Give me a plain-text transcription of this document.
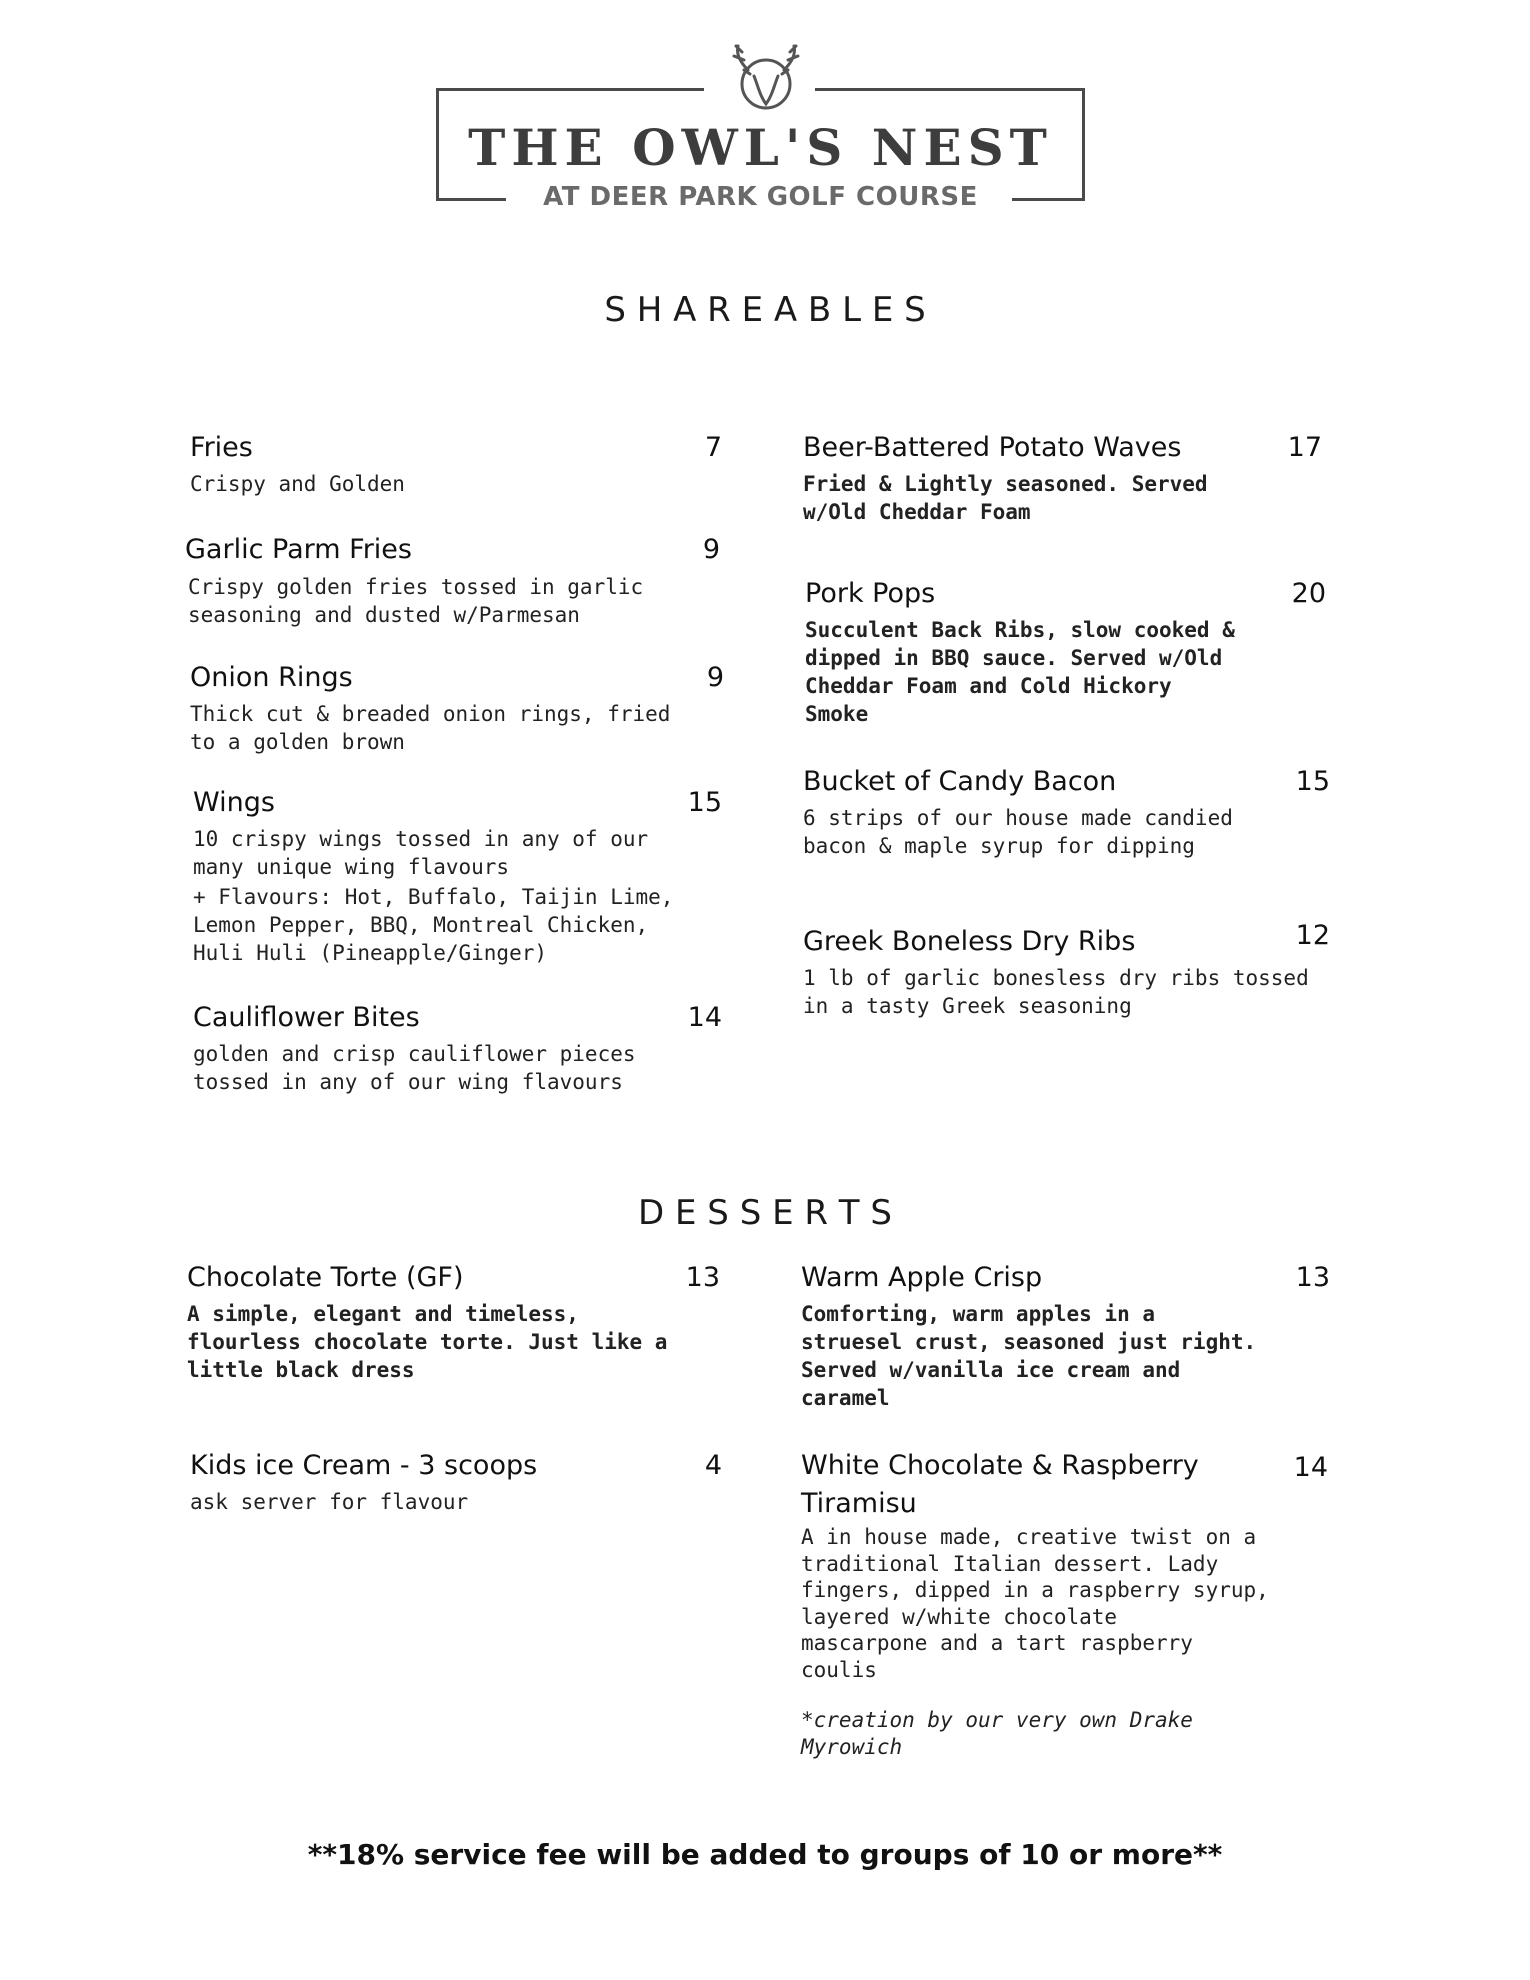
THE OWL'S NEST
AT DEER PARK GOLF COURSE
S H A R E A B L E S
Fries	7
Crispy and Golden
Garlic Parm Fries	9
Crispy golden fries tossed in garlic
seasoning and dusted w/Parmesan
Onion Rings	9
Thick cut & breaded onion rings, fried
to a golden brown
Wings	15
10 crispy wings tossed in any of our
many unique wing flavours
+ Flavours: Hot, Buffalo, Taijin Lime,
Lemon Pepper, BBQ, Montreal Chicken,
Huli Huli (Pineapple/Ginger)
Cauliflower Bites	14
golden and crisp cauliflower pieces
tossed in any of our wing flavours
Beer-Battered Potato Waves	17
Fried & Lightly seasoned. Served
w/Old Cheddar Foam
Pork Pops	20
Succulent Back Ribs, slow cooked &
dipped in BBQ sauce. Served w/Old
Cheddar Foam and Cold Hickory
Smoke
Bucket of Candy Bacon	15
6 strips of our house made candied
bacon & maple syrup for dipping
Greek Boneless Dry Ribs	12
1 lb of garlic bonesless dry ribs tossed
in a tasty Greek seasoning
D E S S E R T S
Chocolate Torte (GF)	13
A simple, elegant and timeless,
flourless chocolate torte. Just like a
little black dress
Kids ice Cream - 3 scoops	4
ask server for flavour
Warm Apple Crisp	13
Comforting, warm apples in a
struesel crust, seasoned just right.
Served w/vanilla ice cream and
caramel
White Chocolate & Raspberry
Tiramisu
14
A in house made, creative twist on a
traditional Italian dessert. Lady
fingers, dipped in a raspberry syrup,
layered w/white chocolate
mascarpone and a tart raspberry
coulis
*creation by our very own Drake
Myrowich
**18% service fee will be added to groups of 10 or more**
